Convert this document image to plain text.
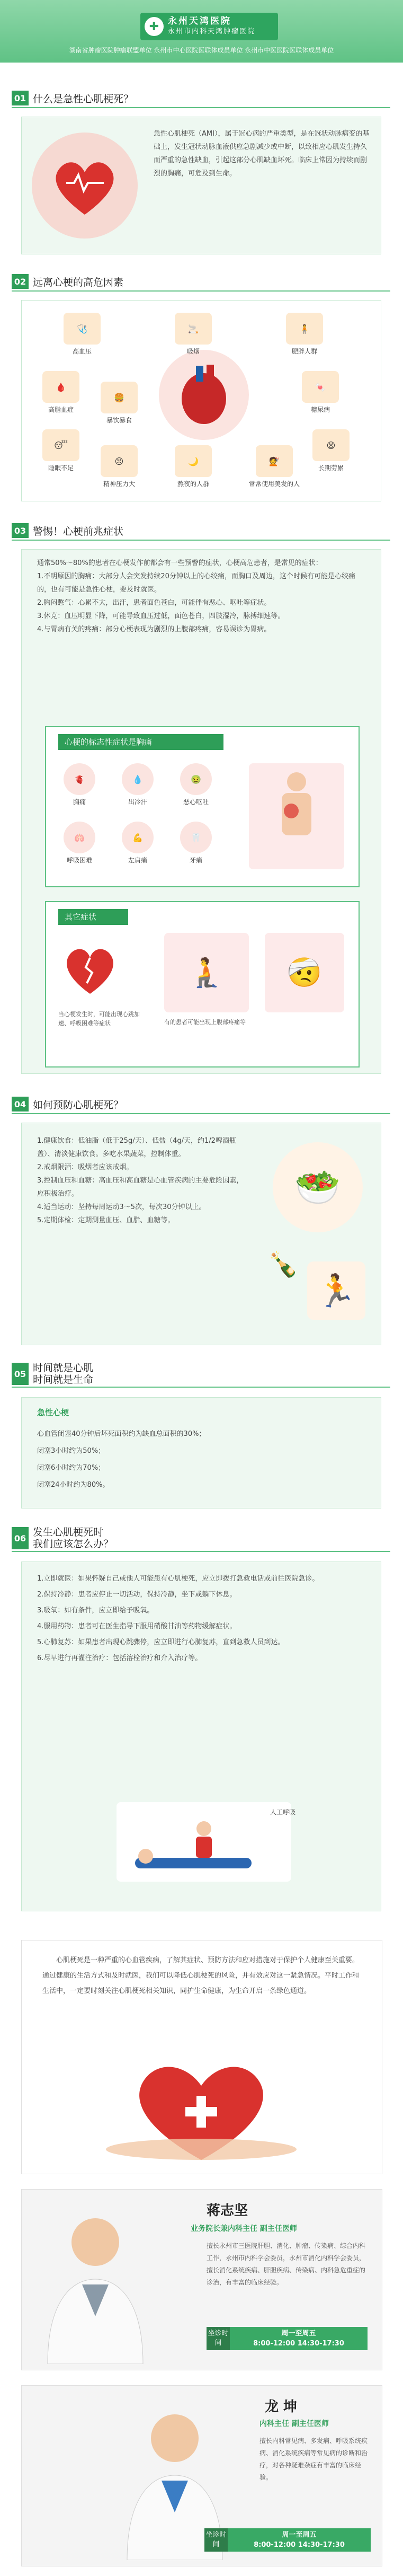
✚ 永州天鸿医院
永州市内科天鸿肿瘤医院
湖南省肿瘤医院肿瘤联盟单位 永州市中心医院医联体成员单位 永州市中医医院医联体成员单位
01 什么是急性心肌梗死？
急性心肌梗死（AMI），属于冠心病的严重类型，是在冠状动脉病变的基础上，发生冠状动脉血液供应急剧减少或中断，以致相应心肌发生持久而严重的急性缺血，引起这部分心肌缺血坏死。临床上常因为持续而剧烈的胸痛，可危及到生命。
02 远离心梗的高危因素
🩺
高血压
🚬
吸烟
🧍
肥胖人群
🩸
高脂血症
🍬
糖尿病
😴
睡眠不足
😣
精神压力大
🌙
熬夜的人群
💇
常常使用美发的人
😫
长期劳累
🍔
暴饮暴食
03 警惕！心梗前兆症状
通常50%～80%的患者在心梗发作前都会有一些预警的症状，心梗高危患者，是常见的症状：
1.不明原因的胸痛：大部分人会突发持续20分钟以上的心绞痛，而胸口及周边，这个时候有可能是心绞痛的，也有可能是急性心梗，要及时就医。
2.胸闷憋气：心累不大，出汗，患者面色苍白，可能伴有恶心、呕吐等症状。
3.休克：血压明显下降，可能导致血压过低，面色苍白，四肢湿冷，脉搏细速等。
4.与胃病有关的疼痛：部分心梗表现为剧烈的上腹部疼痛，容易误诊为胃病。
心梗的标志性症状是胸痛
🫀
胸痛
💧
出冷汗
🤢
恶心呕吐
🫁
呼吸困难
💪
左肩痛
🦷
牙痛
其它症状
当心梗发生时，可能出现心跳加速、呼吸困难等症状
🧎 🤕
有的患者可能出现上腹部疼痛等
04 如何预防心肌梗死？
1.健康饮食：低油脂（低于25g/天）、低盐（4g/天，约1/2啤酒瓶盖）、清淡健康饮食。多吃水果蔬菜，控制体重。
2.戒烟限酒：吸烟者应该戒烟。
3.控制血压和血糖：高血压和高血糖是心血管疾病的主要危险因素，应积极治疗。
4.适当运动：坚持每周运动3～5次，每次30分钟以上。
5.定期体检：定期测量血压、血脂、血糖等。
🥗
🍾
🏃
05 时间就是心肌
时间就是生命
急性心梗
心血管闭塞40分钟后坏死面积约为缺血总面积的30%；
闭塞3小时约为50%；
闭塞6小时约为70%；
闭塞24小时约为80%。
06 发生心肌梗死时
我们应该怎么办？
1.立即就医：如果怀疑自己或他人可能患有心肌梗死，应立即拨打急救电话或前往医院急诊。
2.保持冷静：患者应停止一切活动，保持冷静，坐下或躺下休息。
3.吸氧：如有条件，应立即给予吸氧。
4.服用药物：患者可在医生指导下服用硝酸甘油等药物缓解症状。
5.心肺复苏：如果患者出现心跳骤停，应立即进行心肺复苏，直到急救人员到达。
6.尽早进行再灌注治疗：包括溶栓治疗和介入治疗等。
人工呼吸
心肌梗死是一种严重的心血管疾病，了解其症状、预防方法和应对措施对于保护个人健康至关重要。通过健康的生活方式和及时就医，我们可以降低心肌梗死的风险，并有效应对这一紧急情况。平时工作和生活中，一定要时刻关注心肌梗死相关知识，同护生命健康，为生命开启一条绿色通道。
蒋志坚
业务院长兼内科主任 副主任医师
擅长永州市三医院肝胆、消化、肿瘤、传染病、综合内科工作，永州市内科学会委员，永州市消化内科学会委员，擅长消化系统疾病、肝胆疾病、传染病、内科急危重症的诊治，有丰富的临床经验。
坐诊时间
周一至周五
8:00-12:00 14:30-17:30
龙 坤
内科主任 副主任医师
擅长内科常见病、多发病、呼吸系统疾病、消化系统疾病等常见病的诊断和治疗，对各种疑难杂症有丰富的临床经验。
坐诊时间
周一至周五
8:00-12:00 14:30-17:30
